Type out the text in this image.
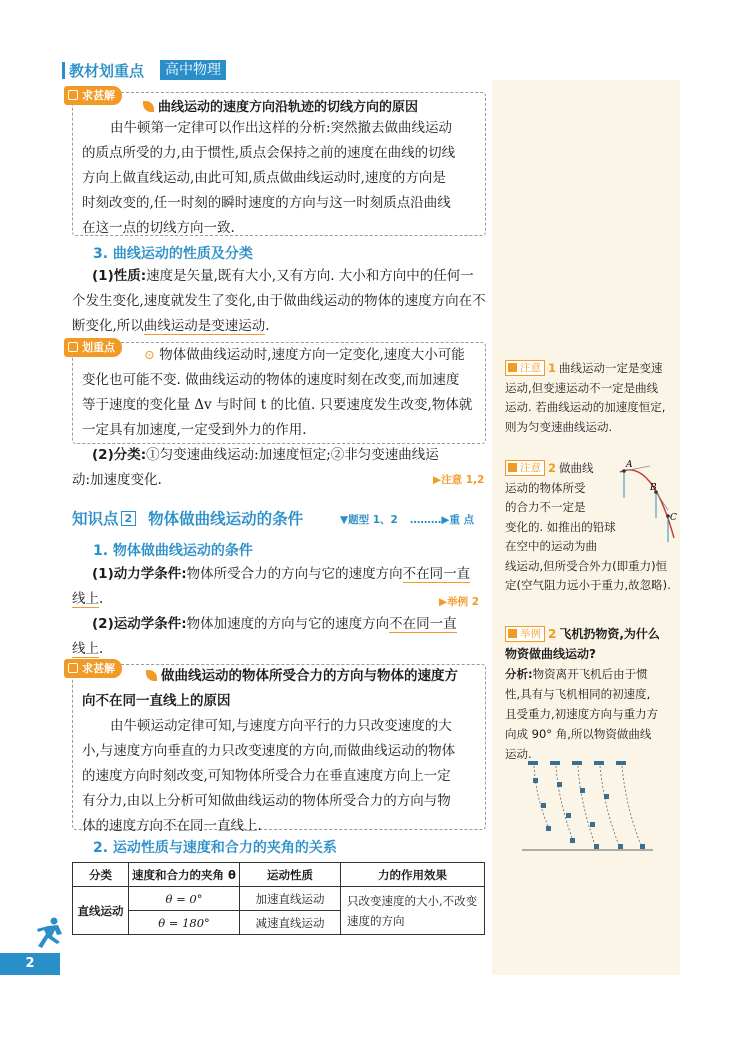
教材划重点	高中物理
求甚解
曲线运动的速度方向沿轨迹的切线方向的原因
由牛顿第一定律可以作出这样的分析:突然撤去做曲线运动
的质点所受的力,由于惯性,质点会保持之前的速度在曲线的切线
方向上做直线运动,由此可知,质点做曲线运动时,速度的方向是
时刻改变的,任一时刻的瞬时速度的方向与这一时刻质点沿曲线
在这一点的切线方向一致.
3. 曲线运动的性质及分类
(1)性质:速度是矢量,既有大小,又有方向. 大小和方向中的任何一
个发生变化,速度就发生了变化,由于做曲线运动的物体的速度方向在不
断变化,所以曲线运动是变速运动.
划重点
⊙ 物体做曲线运动时,速度方向一定变化,速度大小可能
变化也可能不变. 做曲线运动的物体的速度时刻在改变,而加速度
等于速度的变化量 Δv 与时间 t 的比值. 只要速度发生改变,物体就
一定具有加速度,一定受到外力的作用.
(2)分类:①匀变速曲线运动:加速度恒定;②非匀变速曲线运
动:加速度变化.	▶注意 1,2
知识点 2 物体做曲线运动的条件	▼题型 1、2 ………▶重 点
1. 物体做曲线运动的条件
(1)动力学条件:物体所受合力的方向与它的速度方向不在同一直
线上.
(2)运动学条件:物体加速度的方向与它的速度方向不在同一直
线上.
▶举例 2
求甚解	做曲线运动的物体所受合力的方向与物体的速度方
向不在同一直线上的原因
由牛顿运动定律可知,与速度方向平行的力只改变速度的大
小,与速度方向垂直的力只改变速度的方向,而做曲线运动的物体
的速度方向时刻改变,可知物体所受合力在垂直速度方向上一定
有分力,由以上分析可知做曲线运动的物体所受合力的方向与物
体的速度方向不在同一直线上.
2. 运动性质与速度和合力的夹角的关系
分类	速度和合力的夹角 θ	运动性质	力的作用效果
直线运动	θ = 0°	加速直线运动	只改变速度的大小,不改变速度的方向
	θ = 180°	减速直线运动	
2
注意 1 曲线运动一定是变速
运动,但变速运动不一定是曲线
运动. 若曲线运动的加速度恒定,
则为匀变速曲线运动.
注意 2 做曲线
运动的物体所受
的合力不一定是
变化的. 如推出的铅球
在空中的运动为曲
线运动,但所受合外力(即重力)恒
定(空气阻力远小于重力,故忽略).
A
B
C
举例 2 飞机扔物资,为什么
物资做曲线运动?
分析:物资离开飞机后由于惯
性,具有与飞机相同的初速度,
且受重力,初速度方向与重力方
向成 90° 角,所以物资做曲线
运动.
